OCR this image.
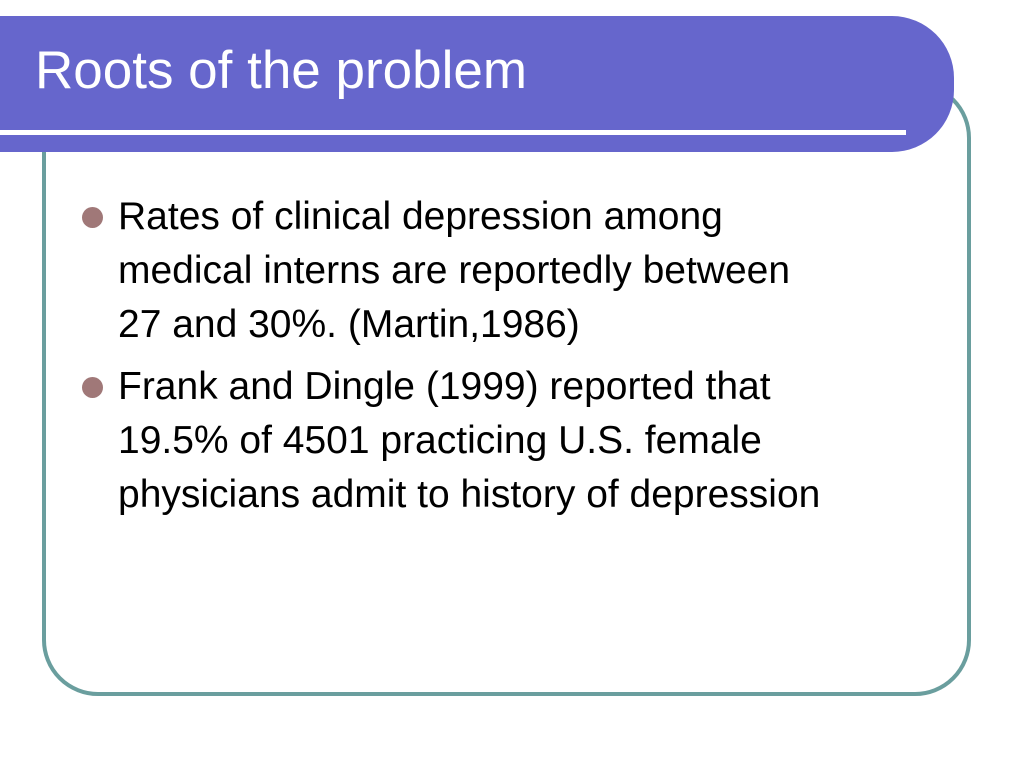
Roots of the problem
Rates of clinical depression among
medical interns are reportedly between
27 and 30%. (Martin,1986)
Frank and Dingle (1999) reported that
19.5% of 4501 practicing U.S. female
physicians admit to history of depression
